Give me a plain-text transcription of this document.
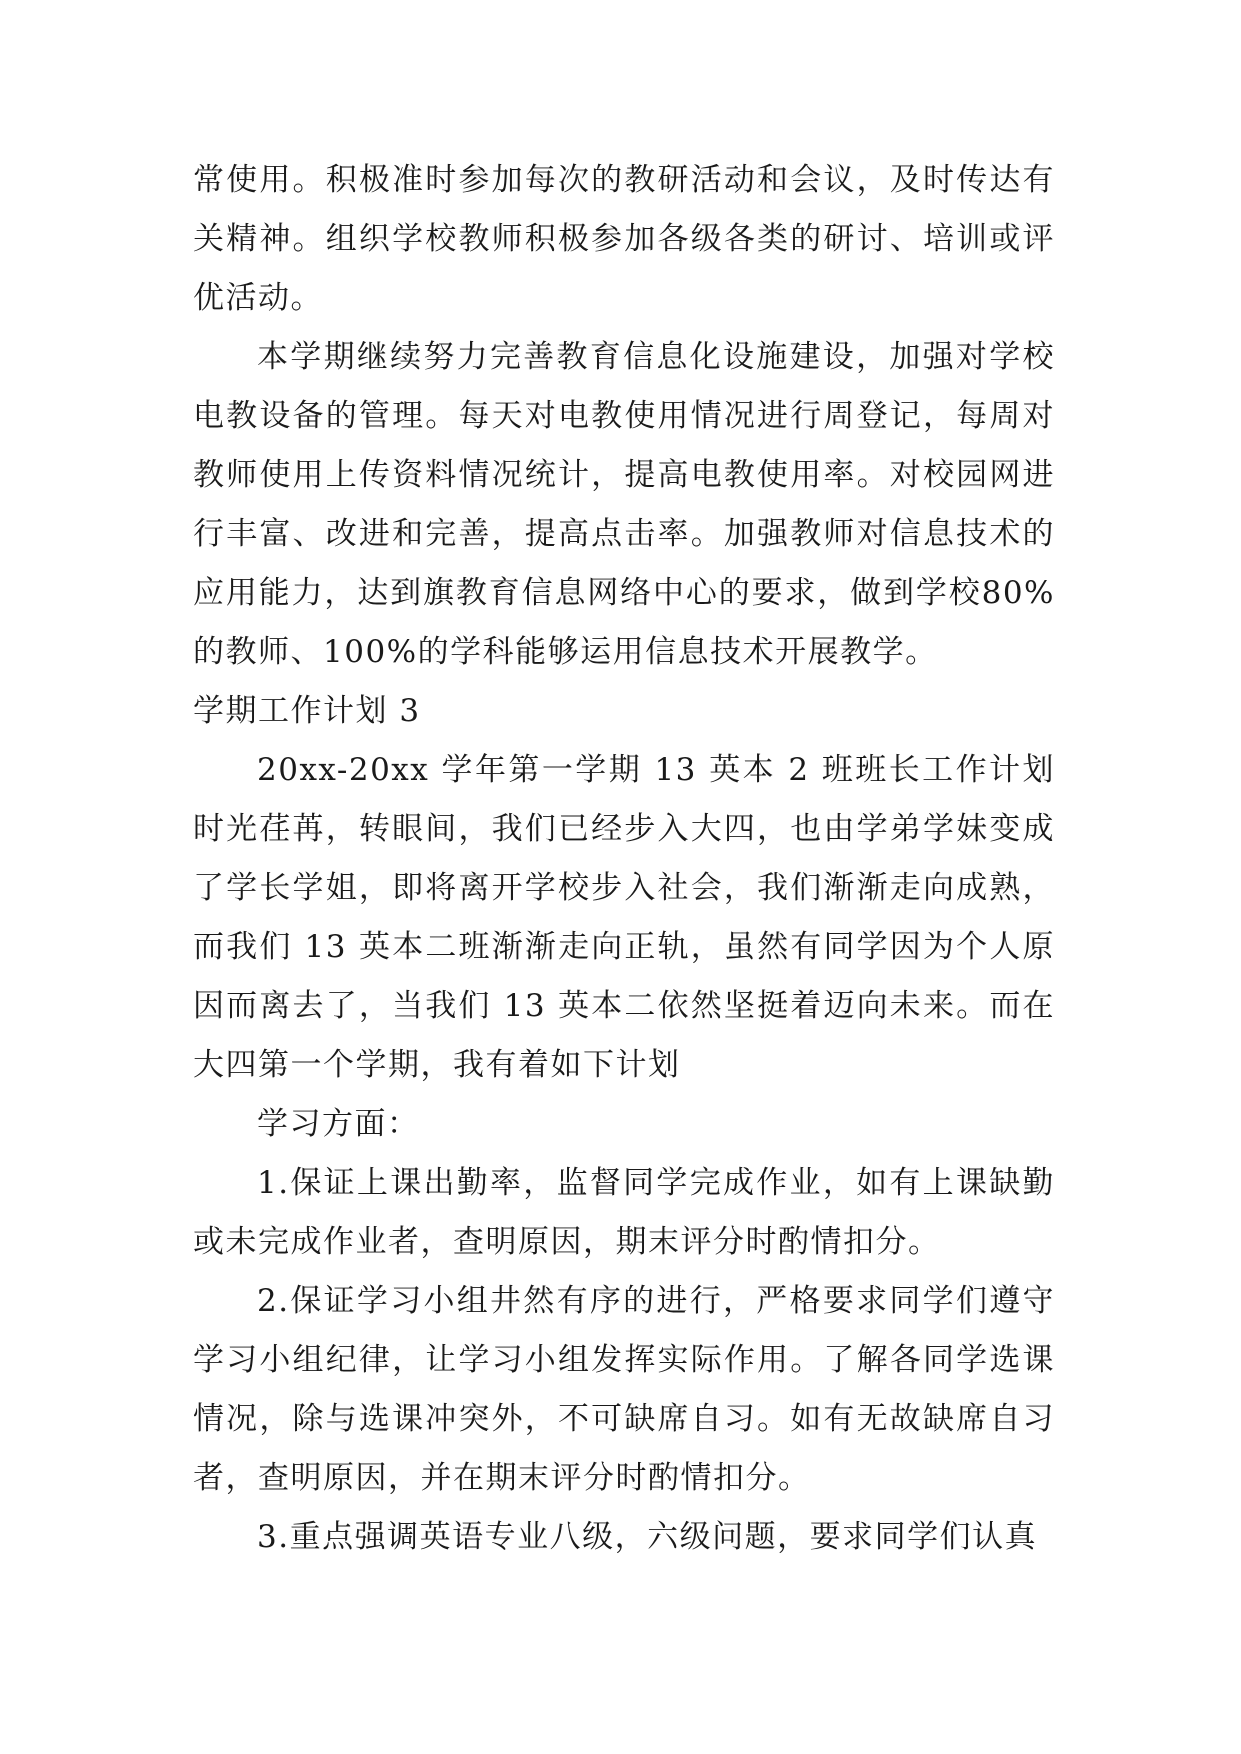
常使用。积极准时参加每次的教研活动和会议，及时传达有关精神。组织学校教师积极参加各级各类的研讨、培训或评优活动。

本学期继续努力完善教育信息化设施建设，加强对学校电教设备的管理。每天对电教使用情况进行周登记，每周对教师使用上传资料情况统计，提高电教使用率。对校园网进行丰富、改进和完善，提高点击率。加强教师对信息技术的应用能力，达到旗教育信息网络中心的要求，做到学校80%的教师、100%的学科能够运用信息技术开展教学。

学期工作计划 3

20xx-20xx 学年第一学期 13 英本 2 班班长工作计划 时光荏苒，转眼间，我们已经步入大四，也由学弟学妹变成了学长学姐，即将离开学校步入社会，我们渐渐走向成熟，而我们 13 英本二班渐渐走向正轨，虽然有同学因为个人原因而离去了，当我们 13 英本二依然坚挺着迈向未来。而在大四第一个学期，我有着如下计划

学习方面：

1.保证上课出勤率，监督同学完成作业，如有上课缺勤或未完成作业者，查明原因，期末评分时酌情扣分。

2.保证学习小组井然有序的进行，严格要求同学们遵守学习小组纪律，让学习小组发挥实际作用。了解各同学选课情况，除与选课冲突外，不可缺席自习。如有无故缺席自习者，查明原因，并在期末评分时酌情扣分。

3.重点强调英语专业八级，六级问题，要求同学们认真
